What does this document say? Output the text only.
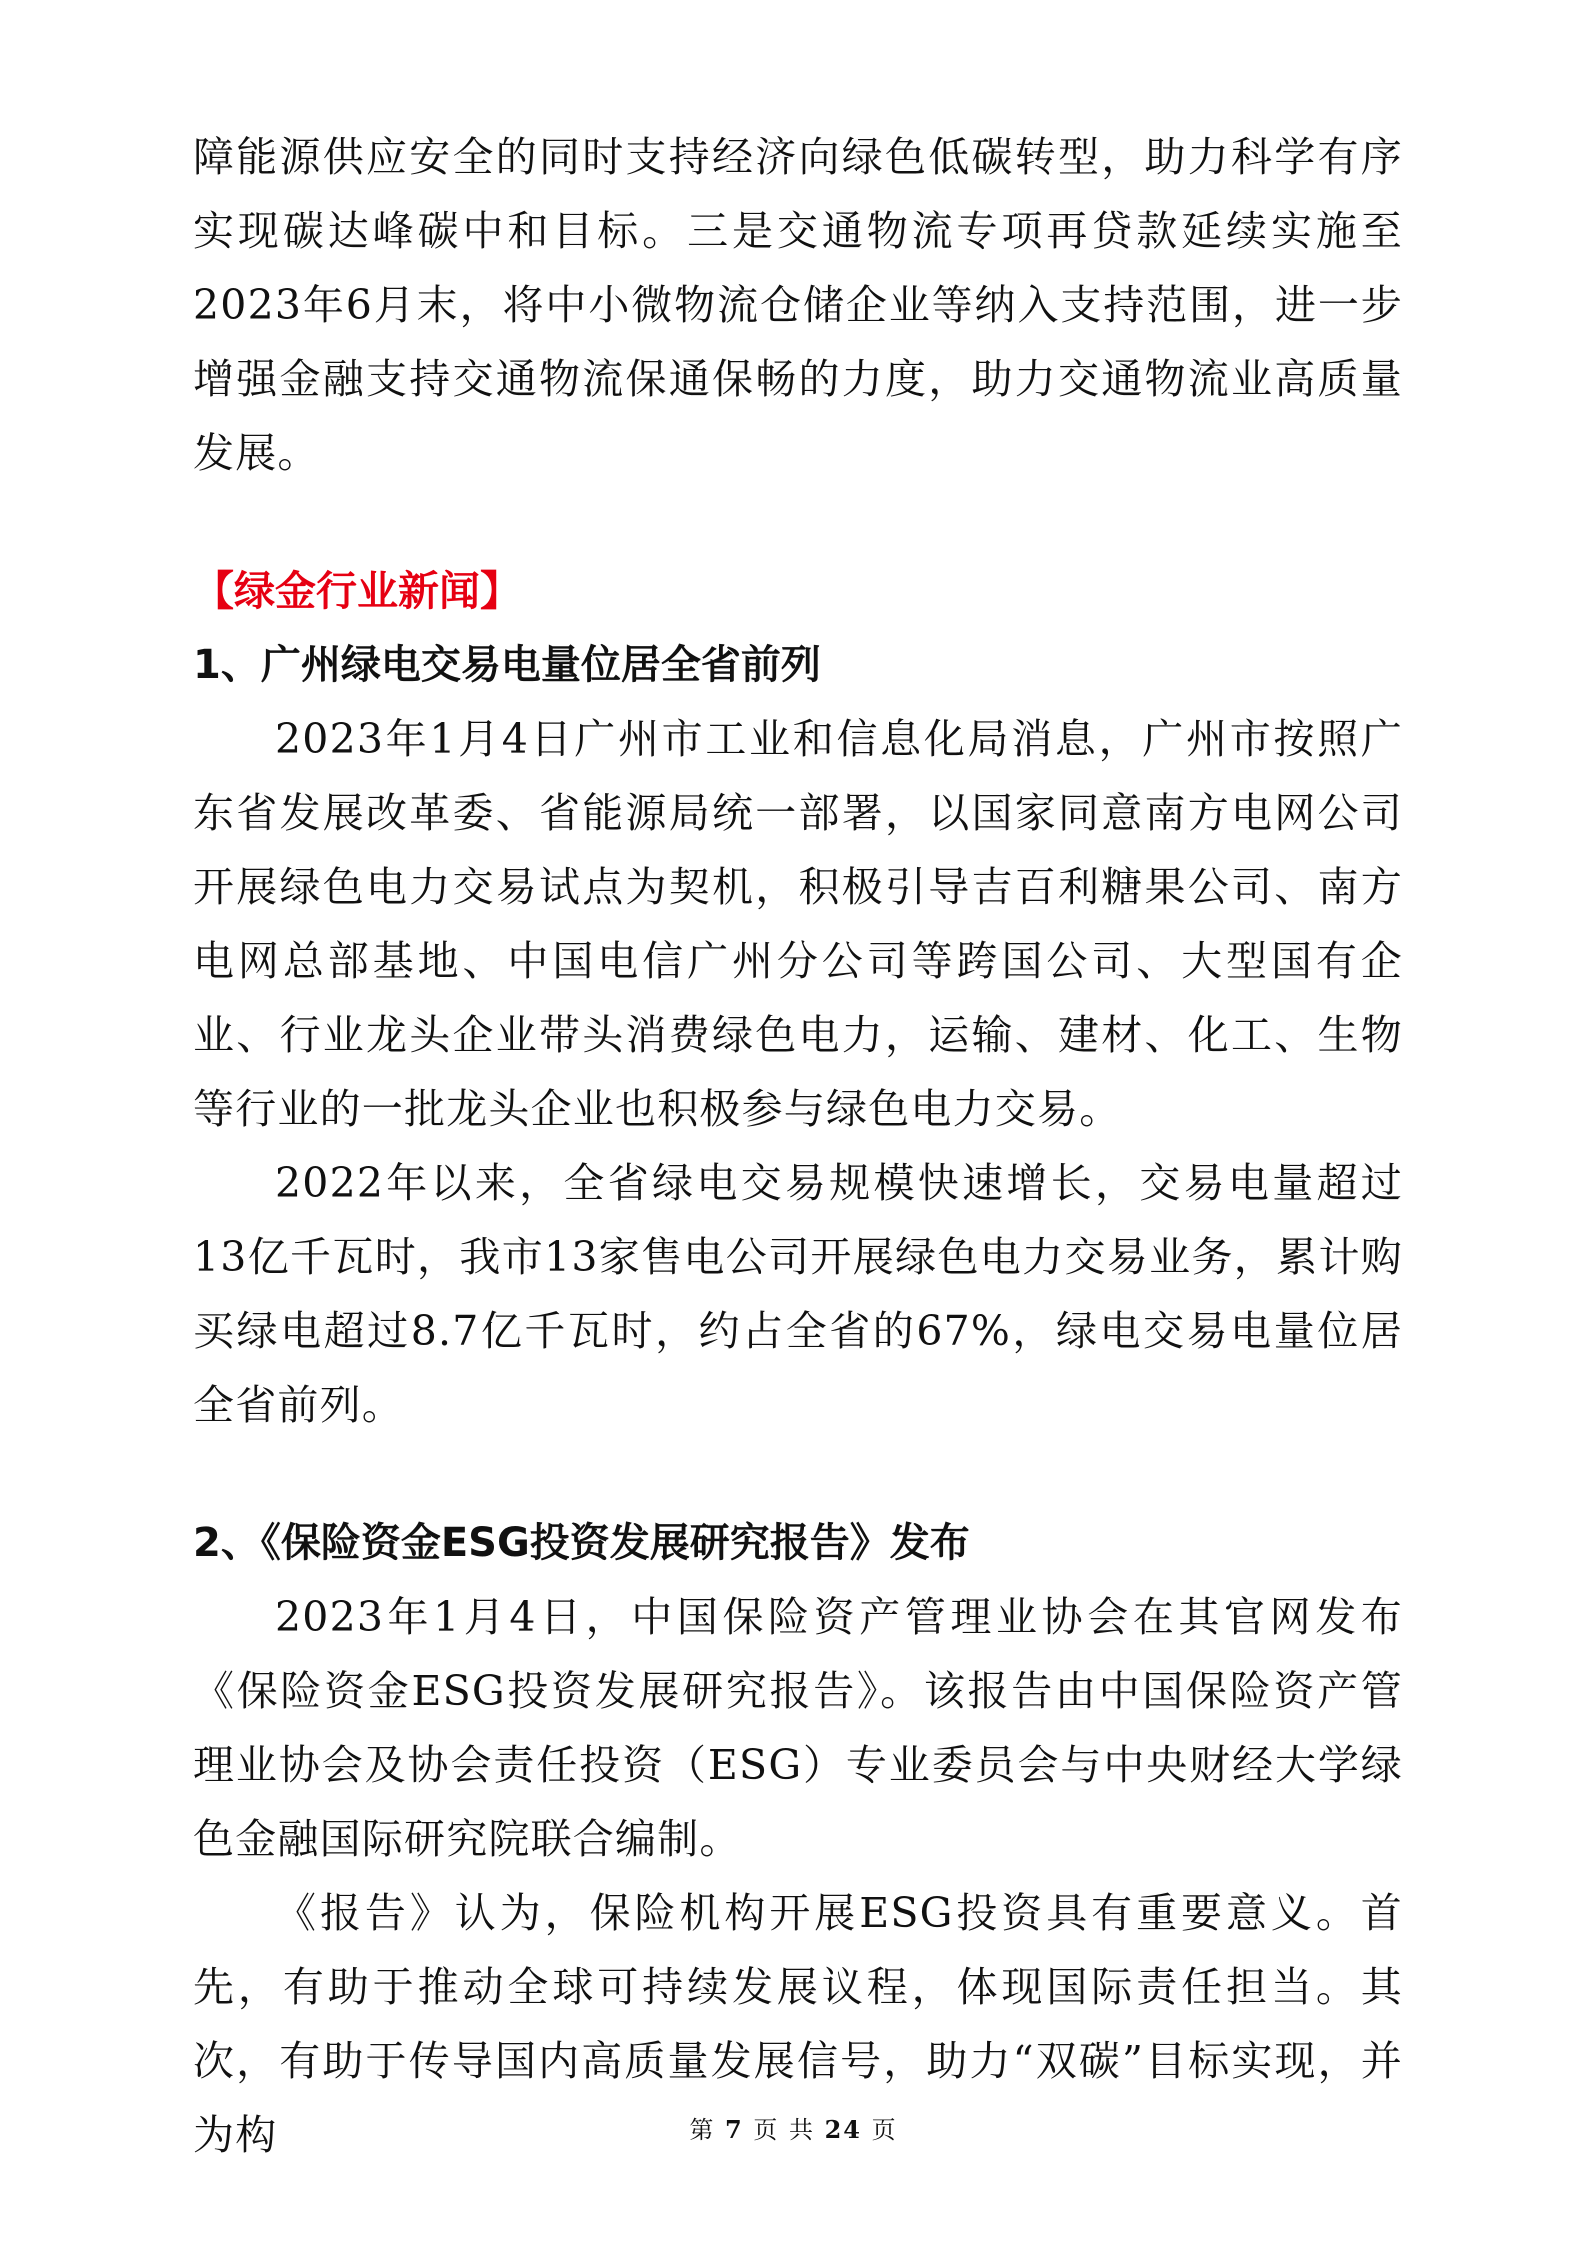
障能源供应安全的同时支持经济向绿色低碳转型，助力科学有序实现碳达峰碳中和目标。三是交通物流专项再贷款延续实施至2023年6月末，将中小微物流仓储企业等纳入支持范围，进一步增强金融支持交通物流保通保畅的力度，助力交通物流业高质量发展。

【绿金行业新闻】
1、广州绿电交易电量位居全省前列

2023年1月4日广州市工业和信息化局消息，广州市按照广东省发展改革委、省能源局统一部署，以国家同意南方电网公司开展绿色电力交易试点为契机，积极引导吉百利糖果公司、南方电网总部基地、中国电信广州分公司等跨国公司、大型国有企业、行业龙头企业带头消费绿色电力，运输、建材、化工、生物等行业的一批龙头企业也积极参与绿色电力交易。

2022年以来，全省绿电交易规模快速增长，交易电量超过13亿千瓦时，我市13家售电公司开展绿色电力交易业务，累计购买绿电超过8.7亿千瓦时，约占全省的67%，绿电交易电量位居全省前列。

2、《保险资金ESG投资发展研究报告》发布

2023年1月4日，中国保险资产管理业协会在其官网发布《保险资金ESG投资发展研究报告》。该报告由中国保险资产管理业协会及协会责任投资（ESG）专业委员会与中央财经大学绿色金融国际研究院联合编制。

《报告》认为，保险机构开展ESG投资具有重要意义。首先，有助于推动全球可持续发展议程，体现国际责任担当。其次，有助于传导国内高质量发展信号，助力“双碳”目标实现，并为构	第 7 页 共 24 页
